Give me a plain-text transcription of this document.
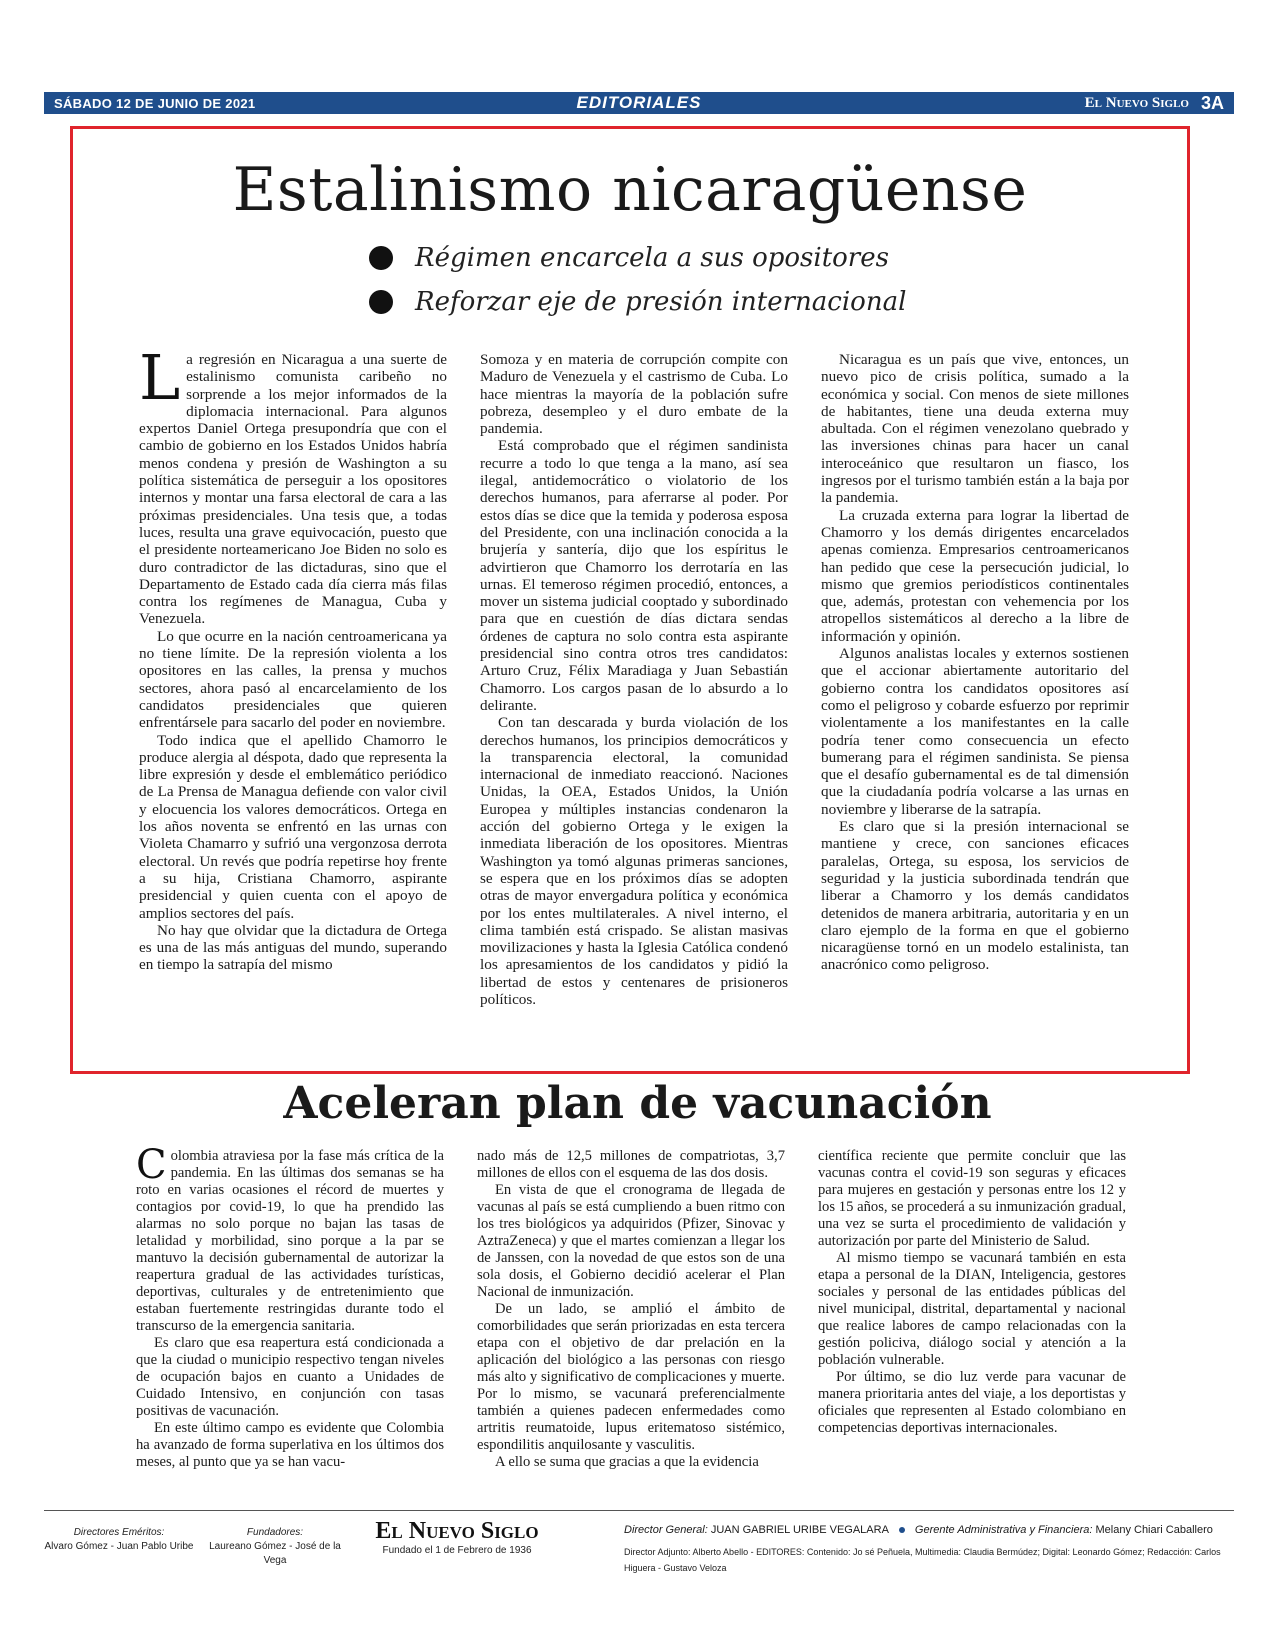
SÁBADO 12 DE JUNIO DE 2021	EDITORIALES	El Nuevo Siglo 3A
Estalinismo nicaragüense
Régimen encarcela a sus opositores
Reforzar eje de presión internacional

La regresión en Nicaragua a una suerte de estalinismo comunista caribeño no sorprende a los mejor informados de la diplomacia internacional. Para algunos expertos Daniel Ortega presupondría que con el cambio de gobierno en los Estados Unidos habría menos condena y presión de Washington a su política sistemática de perseguir a los opositores internos y montar una farsa electoral de cara a las próximas presidenciales. Una tesis que, a todas luces, resulta una grave equivocación, puesto que el presidente norteamericano Joe Biden no solo es duro contradictor de las dictaduras, sino que el Departamento de Estado cada día cierra más filas contra los regímenes de Managua, Cuba y Venezuela.

Lo que ocurre en la nación centroamericana ya no tiene límite. De la represión violenta a los opositores en las calles, la prensa y muchos sectores, ahora pasó al encarcelamiento de los candidatos presidenciales que quieren enfrentársele para sacarlo del poder en noviembre.

Todo indica que el apellido Chamorro le produce alergia al déspota, dado que representa la libre expresión y desde el emblemático periódico de La Prensa de Managua defiende con valor civil y elocuencia los valores democráticos. Ortega en los años noventa se enfrentó en las urnas con Violeta Chamarro y sufrió una vergonzosa derrota electoral. Un revés que podría repetirse hoy frente a su hija, Cristiana Chamorro, aspirante presidencial y quien cuenta con el apoyo de amplios sectores del país.

No hay que olvidar que la dictadura de Ortega es una de las más antiguas del mundo, superando en tiempo la satrapía del mismo

Somoza y en materia de corrupción compite con Maduro de Venezuela y el castrismo de Cuba. Lo hace mientras la mayoría de la población sufre pobreza, desempleo y el duro embate de la pandemia.

Está comprobado que el régimen sandinista recurre a todo lo que tenga a la mano, así sea ilegal, antidemocrático o violatorio de los derechos humanos, para aferrarse al poder. Por estos días se dice que la temida y poderosa esposa del Presidente, con una inclinación conocida a la brujería y santería, dijo que los espíritus le advirtieron que Chamorro los derrotaría en las urnas. El temeroso régimen procedió, entonces, a mover un sistema judicial cooptado y subordinado para que en cuestión de días dictara sendas órdenes de captura no solo contra esta aspirante presidencial sino contra otros tres candidatos: Arturo Cruz, Félix Maradiaga y Juan Sebastián Chamorro. Los cargos pasan de lo absurdo a lo delirante.

Con tan descarada y burda violación de los derechos humanos, los principios democráticos y la transparencia electoral, la comunidad internacional de inmediato reaccionó. Naciones Unidas, la OEA, Estados Unidos, la Unión Europea y múltiples instancias condenaron la acción del gobierno Ortega y le exigen la inmediata liberación de los opositores. Mientras Washington ya tomó algunas primeras sanciones, se espera que en los próximos días se adopten otras de mayor envergadura política y económica por los entes multilaterales. A nivel interno, el clima también está crispado. Se alistan masivas movilizaciones y hasta la Iglesia Católica condenó los apresamientos de los candidatos y pidió la libertad de estos y centenares de prisioneros políticos.

Nicaragua es un país que vive, entonces, un nuevo pico de crisis política, sumado a la económica y social. Con menos de siete millones de habitantes, tiene una deuda externa muy abultada. Con el régimen venezolano quebrado y las inversiones chinas para hacer un canal interoceánico que resultaron un fiasco, los ingresos por el turismo también están a la baja por la pandemia.

La cruzada externa para lograr la libertad de Chamorro y los demás dirigentes encarcelados apenas comienza. Empresarios centroamericanos han pedido que cese la persecución judicial, lo mismo que gremios periodísticos continentales que, además, protestan con vehemencia por los atropellos sistemáticos al derecho a la libre de información y opinión.

Algunos analistas locales y externos sostienen que el accionar abiertamente autoritario del gobierno contra los candidatos opositores así como el peligroso y cobarde esfuerzo por reprimir violentamente a los manifestantes en la calle podría tener como consecuencia un efecto bumerang para el régimen sandinista. Se piensa que el desafío gubernamental es de tal dimensión que la ciudadanía podría volcarse a las urnas en noviembre y liberarse de la satrapía.

Es claro que si la presión internacional se mantiene y crece, con sanciones eficaces paralelas, Ortega, su esposa, los servicios de seguridad y la justicia subordinada tendrán que liberar a Chamorro y los demás candidatos detenidos de manera arbitraria, autoritaria y en un claro ejemplo de la forma en que el gobierno nicaragüense tornó en un modelo estalinista, tan anacrónico como peligroso.

Aceleran plan de vacunación

Colombia atraviesa por la fase más crítica de la pandemia. En las últimas dos semanas se ha roto en varias ocasiones el récord de muertes y contagios por covid-19, lo que ha prendido las alarmas no solo porque no bajan las tasas de letalidad y morbilidad, sino porque a la par se mantuvo la decisión gubernamental de autorizar la reapertura gradual de las actividades turísticas, deportivas, culturales y de entretenimiento que estaban fuertemente restringidas durante todo el transcurso de la emergencia sanitaria.

Es claro que esa reapertura está condicionada a que la ciudad o municipio respectivo tengan niveles de ocupación bajos en cuanto a Unidades de Cuidado Intensivo, en conjunción con tasas positivas de vacunación.

En este último campo es evidente que Colombia ha avanzado de forma superlativa en los últimos dos meses, al punto que ya se han vacu-

nado más de 12,5 millones de compatriotas, 3,7 millones de ellos con el esquema de las dos dosis.

En vista de que el cronograma de llegada de vacunas al país se está cumpliendo a buen ritmo con los tres biológicos ya adquiridos (Pfizer, Sinovac y AztraZeneca) y que el martes comienzan a llegar los de Janssen, con la novedad de que estos son de una sola dosis, el Gobierno decidió acelerar el Plan Nacional de inmunización.

De un lado, se amplió el ámbito de comorbilidades que serán priorizadas en esta tercera etapa con el objetivo de dar prelación en la aplicación del biológico a las personas con riesgo más alto y significativo de complicaciones y muerte. Por lo mismo, se vacunará preferencialmente también a quienes padecen enfermedades como artritis reumatoide, lupus eritematoso sistémico, espondilitis anquilosante y vasculitis.

A ello se suma que gracias a que la evidencia

científica reciente que permite concluir que las vacunas contra el covid-19 son seguras y eficaces para mujeres en gestación y personas entre los 12 y los 15 años, se procederá a su inmunización gradual, una vez se surta el procedimiento de validación y autorización por parte del Ministerio de Salud.

Al mismo tiempo se vacunará también en esta etapa a personal de la DIAN, Inteligencia, gestores sociales y personal de las entidades públicas del nivel municipal, distrital, departamental y nacional que realice labores de campo relacionadas con la gestión policiva, diálogo social y atención a la población vulnerable.

Por último, se dio luz verde para vacunar de manera prioritaria antes del viaje, a los deportistas y oficiales que representen al Estado colombiano en competencias deportivas internacionales.

Directores Eméritos:
Alvaro Gómez - Juan Pablo Uribe
Fundadores:
Laureano Gómez - José de la Vega
El Nuevo Siglo
Fundado el 1 de Febrero de 1936
Director General: JUAN GABRIEL URIBE VEGALARA Gerente Administrativa y Financiera: Melany Chiari Caballero
Director Adjunto: Alberto Abello - EDITORES: Contenido: Jo sé Peñuela, Multimedia: Claudia Bermúdez; Digital: Leonardo Gómez; Redacción: Carlos Higuera - Gustavo Veloza
